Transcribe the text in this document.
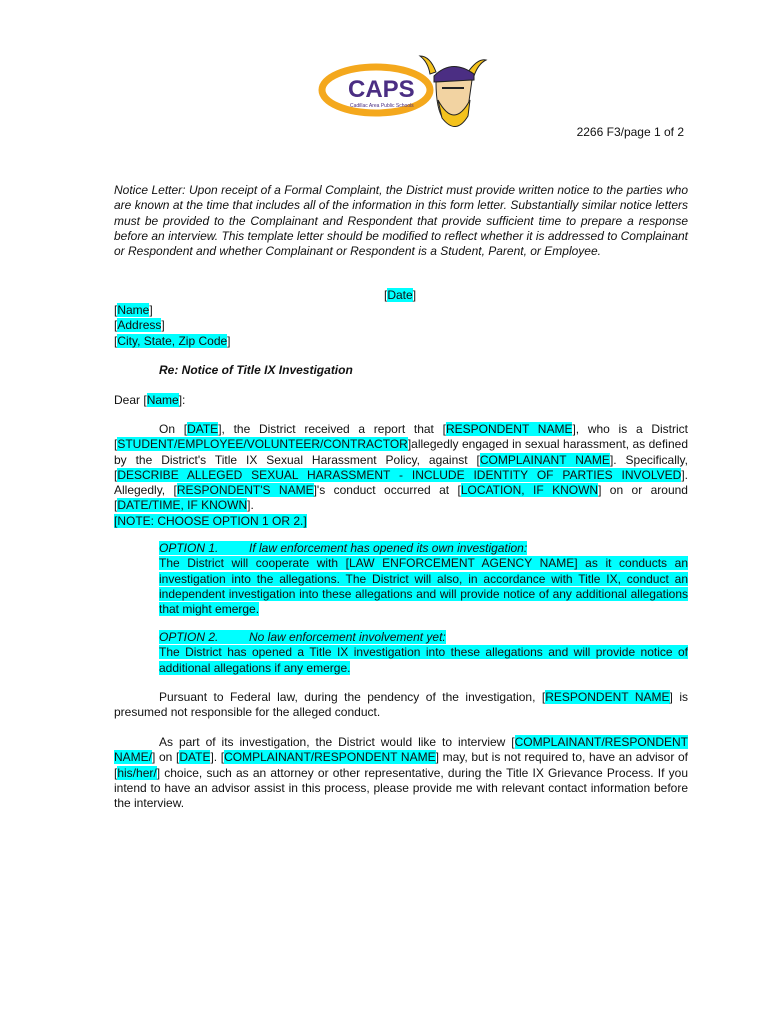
CAPS
Cadillac Area Public Schools
2266 F3/page 1 of 2
Notice Letter: Upon receipt of a Formal Complaint, the District must provide written notice to the parties who are known at the time that includes all of the information in this form letter. Substantially similar notice letters must be provided to the Complainant and Respondent that provide sufficient time to prepare a response before an interview. This template letter should be modified to reflect whether it is addressed to Complainant or Respondent and whether Complainant or Respondent is a Student, Parent, or Employee.
[Date]

[Name]

[Address]

[City, State, Zip Code]

Re: Notice of Title IX Investigation
Dear [Name]:
On [DATE], the District received a report that [RESPONDENT NAME], who is a District [STUDENT/EMPLOYEE/VOLUNTEER/CONTRACTOR]allegedly engaged in sexual harassment, as defined by the District's Title IX Sexual Harassment Policy, against [COMPLAINANT NAME]. Specifically, [DESCRIBE ALLEGED SEXUAL HARASSMENT - INCLUDE IDENTITY OF PARTIES INVOLVED]. Allegedly, [RESPONDENT'S NAME]'s conduct occurred at [LOCATION, IF KNOWN] on or around [DATE/TIME, IF KNOWN].
[NOTE: CHOOSE OPTION 1 OR 2.]

OPTION 1.	If law enforcement has opened its own investigation:

The District will cooperate with [LAW ENFORCEMENT AGENCY NAME] as it conducts an investigation into the allegations. The District will also, in accordance with Title IX, conduct an independent investigation into these allegations and will provide notice of any additional allegations that might emerge.

OPTION 2.	No law enforcement involvement yet:

The District has opened a Title IX investigation into these allegations and will provide notice of additional allegations if any emerge.

Pursuant to Federal law, during the pendency of the investigation, [RESPONDENT NAME] is presumed not responsible for the alleged conduct.
As part of its investigation, the District would like to interview [COMPLAINANT/RESPONDENT NAME/] on [DATE]. [COMPLAINANT/RESPONDENT NAME] may, but is not required to, have an advisor of [his/her/] choice, such as an attorney or other representative, during the Title IX Grievance Process. If you intend to have an advisor assist in this process, please provide me with relevant contact information before the interview.
